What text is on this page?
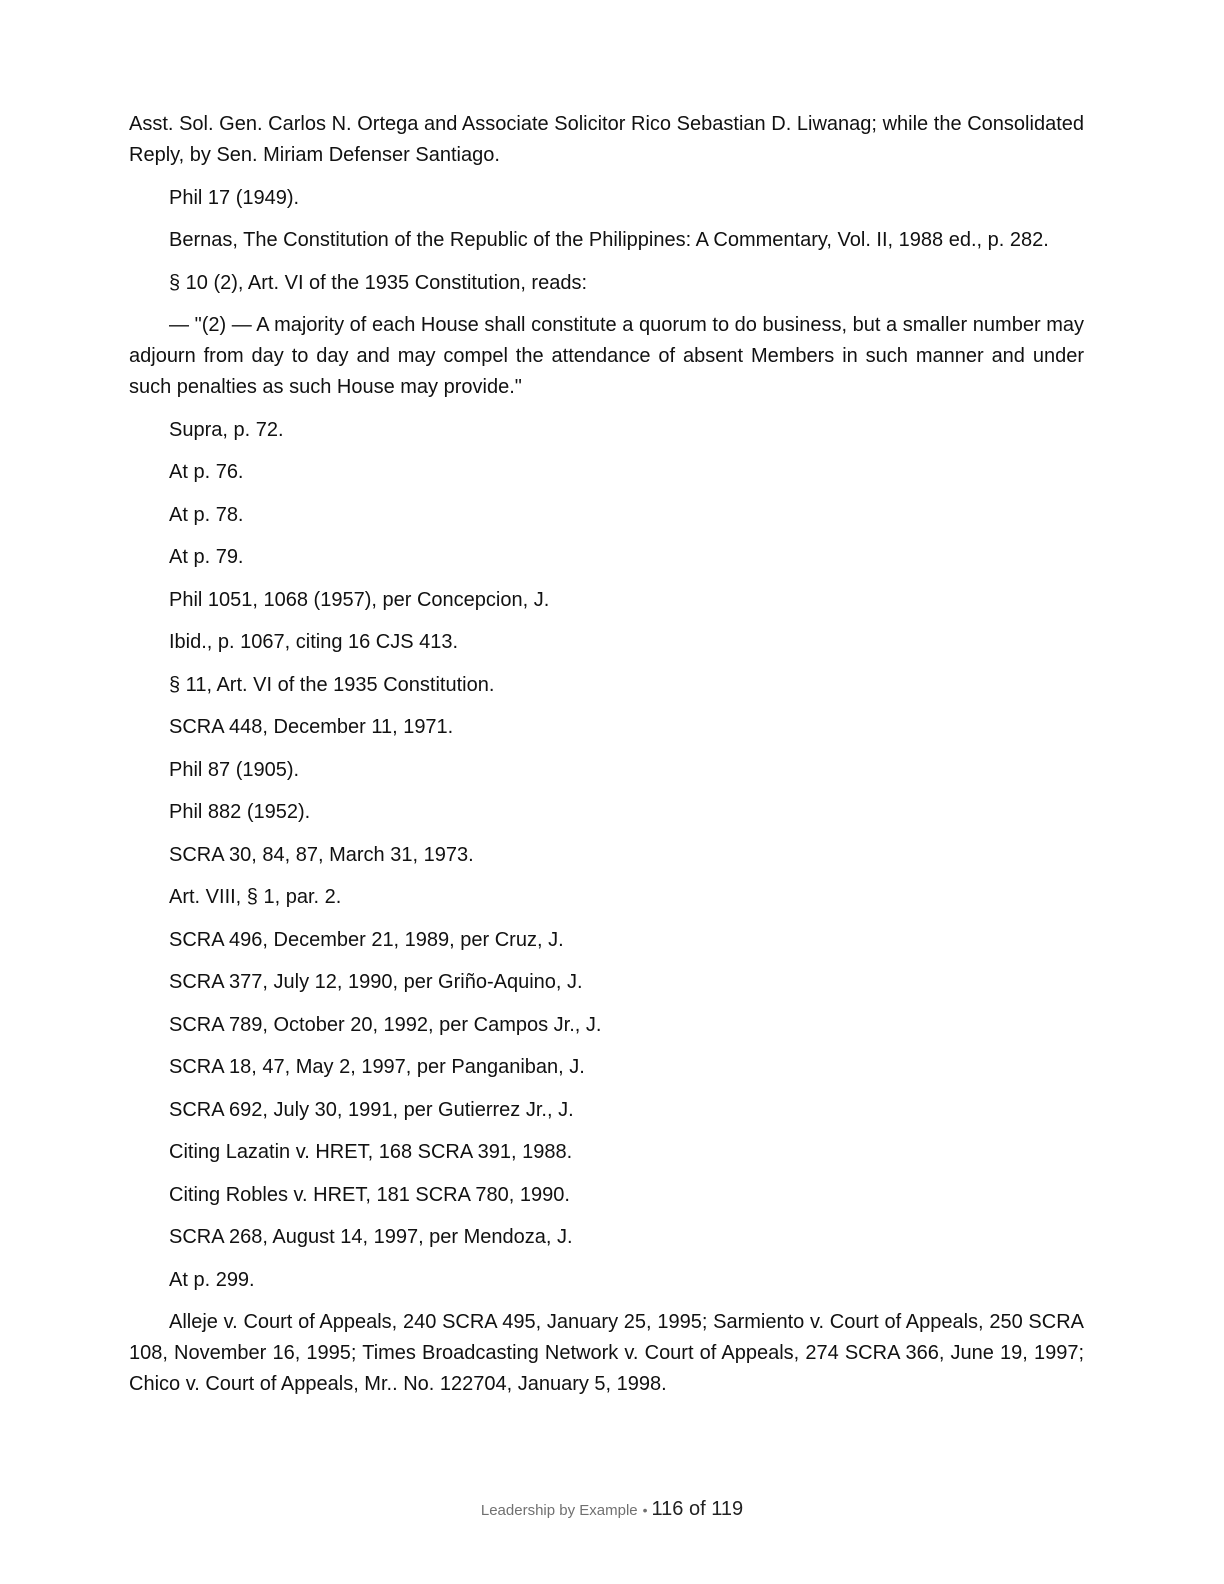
Asst. Sol. Gen. Carlos N. Ortega and Associate Solicitor Rico Sebastian D. Liwanag; while the Consolidated Reply, by Sen. Miriam Defenser Santiago.

Phil 17 (1949).

Bernas, The Constitution of the Republic of the Philippines: A Commentary, Vol. II, 1988 ed., p. 282.

§ 10 (2), Art. VI of the 1935 Constitution, reads:

— "(2) — A majority of each House shall constitute a quorum to do business, but a smaller number may adjourn from day to day and may compel the attendance of absent Members in such manner and under such penalties as such House may provide."

Supra, p. 72.

At p. 76.

At p. 78.

At p. 79.

Phil 1051, 1068 (1957), per Concepcion, J.

Ibid., p. 1067, citing 16 CJS 413.

§ 11, Art. VI of the 1935 Constitution.

SCRA 448, December 11, 1971.

Phil 87 (1905).

Phil 882 (1952).

SCRA 30, 84, 87, March 31, 1973.

Art. VIII, § 1, par. 2.

SCRA 496, December 21, 1989, per Cruz, J.

SCRA 377, July 12, 1990, per Griño-Aquino, J.

SCRA 789, October 20, 1992, per Campos Jr., J.

SCRA 18, 47, May 2, 1997, per Panganiban, J.

SCRA 692, July 30, 1991, per Gutierrez Jr., J.

Citing Lazatin v. HRET, 168 SCRA 391, 1988.

Citing Robles v. HRET, 181 SCRA 780, 1990.

SCRA 268, August 14, 1997, per Mendoza, J.

At p. 299.

Alleje v. Court of Appeals, 240 SCRA 495, January 25, 1995; Sarmiento v. Court of Appeals, 250 SCRA 108, November 16, 1995; Times Broadcasting Network v. Court of Appeals, 274 SCRA 366, June 19, 1997; Chico v. Court of Appeals, Mr.. No. 122704, January 5, 1998.

Leadership by Example • 116 of 119
